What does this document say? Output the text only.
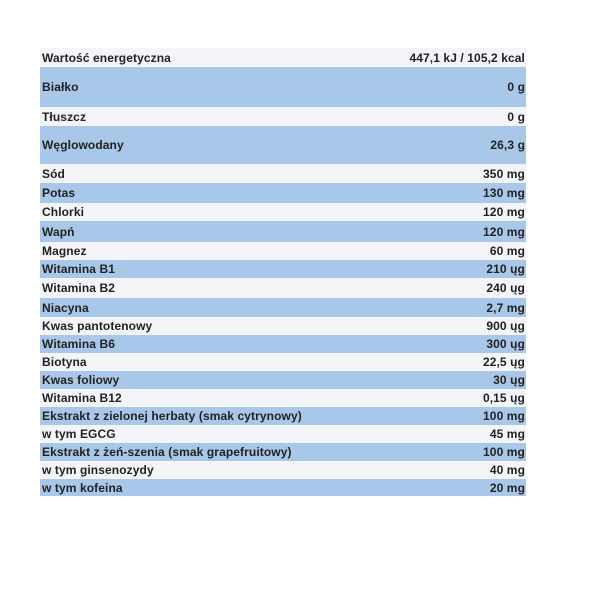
Wartość energetyczna	447,1 kJ / 105,2 kcal
Białko	0 g
Tłuszcz	0 g
Węglowodany	26,3 g
Sód	350 mg
Potas	130 mg
Chlorki	120 mg
Wapń	120 mg
Magnez	60 mg
Witamina B1	210 ųg
Witamina B2	240 ųg
Niacyna	2,7 mg
Kwas pantotenowy	900 ųg
Witamina B6	300 ųg
Biotyna	22,5 ųg
Kwas foliowy	30 ųg
Witamina B12	0,15 ųg
Ekstrakt z zielonej herbaty (smak cytrynowy)	100 mg
w tym EGCG	45 mg
Ekstrakt z żeń-szenia (smak grapefruitowy)	100 mg
w tym ginsenozydy	40 mg
w tym kofeina	20 mg
